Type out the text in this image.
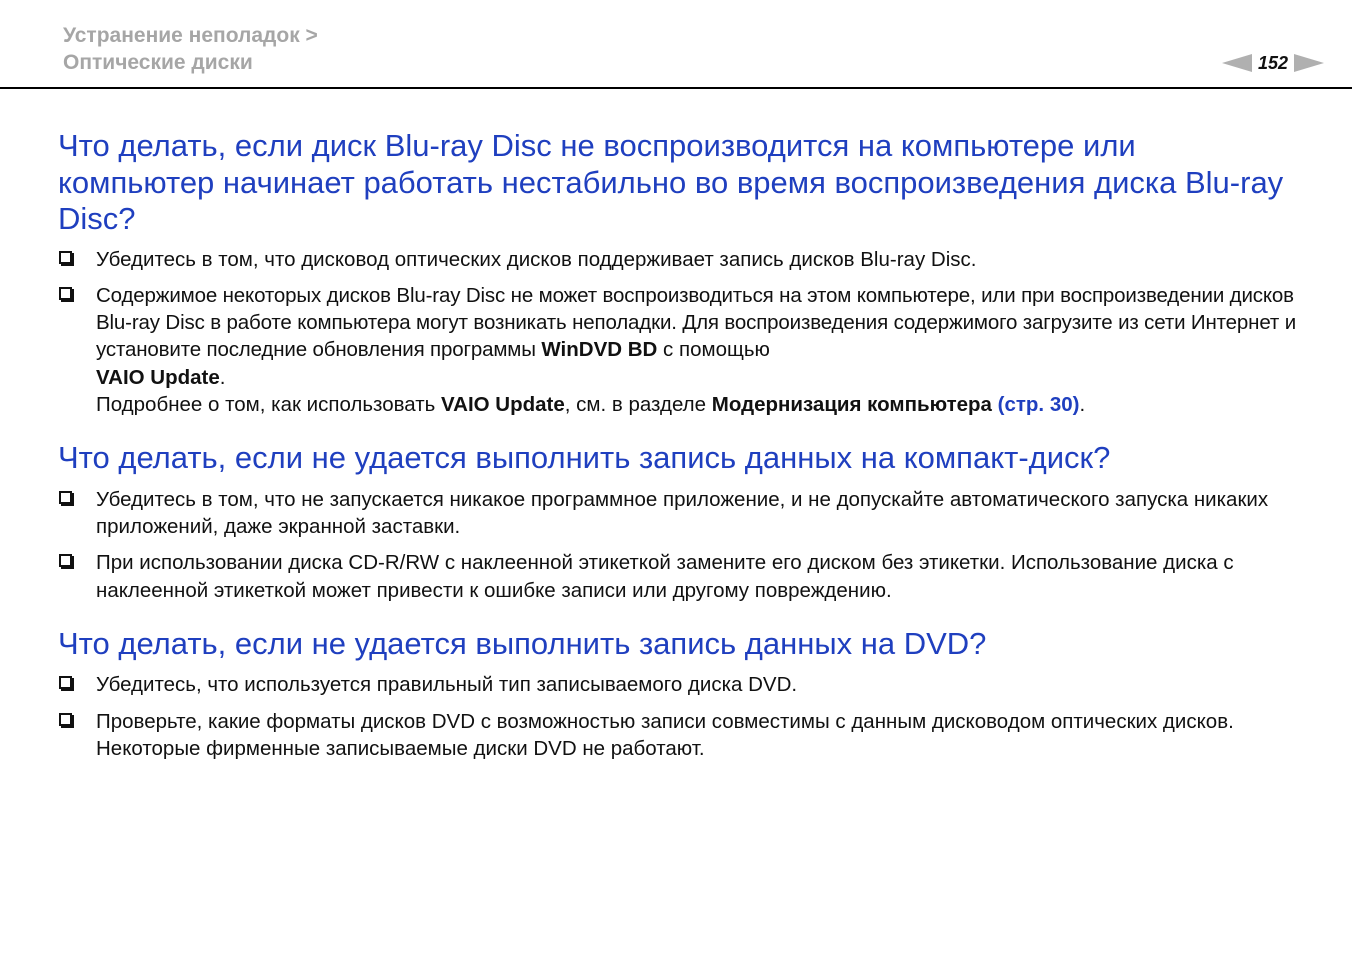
Устранение неполадок >
Оптические диски	152
Что делать, если диск Blu-ray Disc не воспроизводится на компьютере или компьютер начинает работать нестабильно во время воспроизведения диска Blu-ray Disc?
Убедитесь в том, что дисковод оптических дисков поддерживает запись дисков Blu-ray Disc.
Содержимое некоторых дисков Blu-ray Disc не может воспроизводиться на этом компьютере, или при воспроизведении дисков Blu-ray Disc в работе компьютера могут возникать неполадки. Для воспроизведения содержимого загрузите из сети Интернет и установите последние обновления программы WinDVD BD с помощью
VAIO Update.
Подробнее о том, как использовать VAIO Update, см. в разделе Модернизация компьютера (стр. 30).
Что делать, если не удается выполнить запись данных на компакт-диск?
Убедитесь в том, что не запускается никакое программное приложение, и не допускайте автоматического запуска никаких приложений, даже экранной заставки.
При использовании диска CD-R/RW с наклеенной этикеткой замените его диском без этикетки. Использование диска с наклеенной этикеткой может привести к ошибке записи или другому повреждению.
Что делать, если не удается выполнить запись данных на DVD?
Убедитесь, что используется правильный тип записываемого диска DVD.
Проверьте, какие форматы дисков DVD с возможностью записи совместимы с данным дисководом оптических дисков. Некоторые фирменные записываемые диски DVD не работают.
